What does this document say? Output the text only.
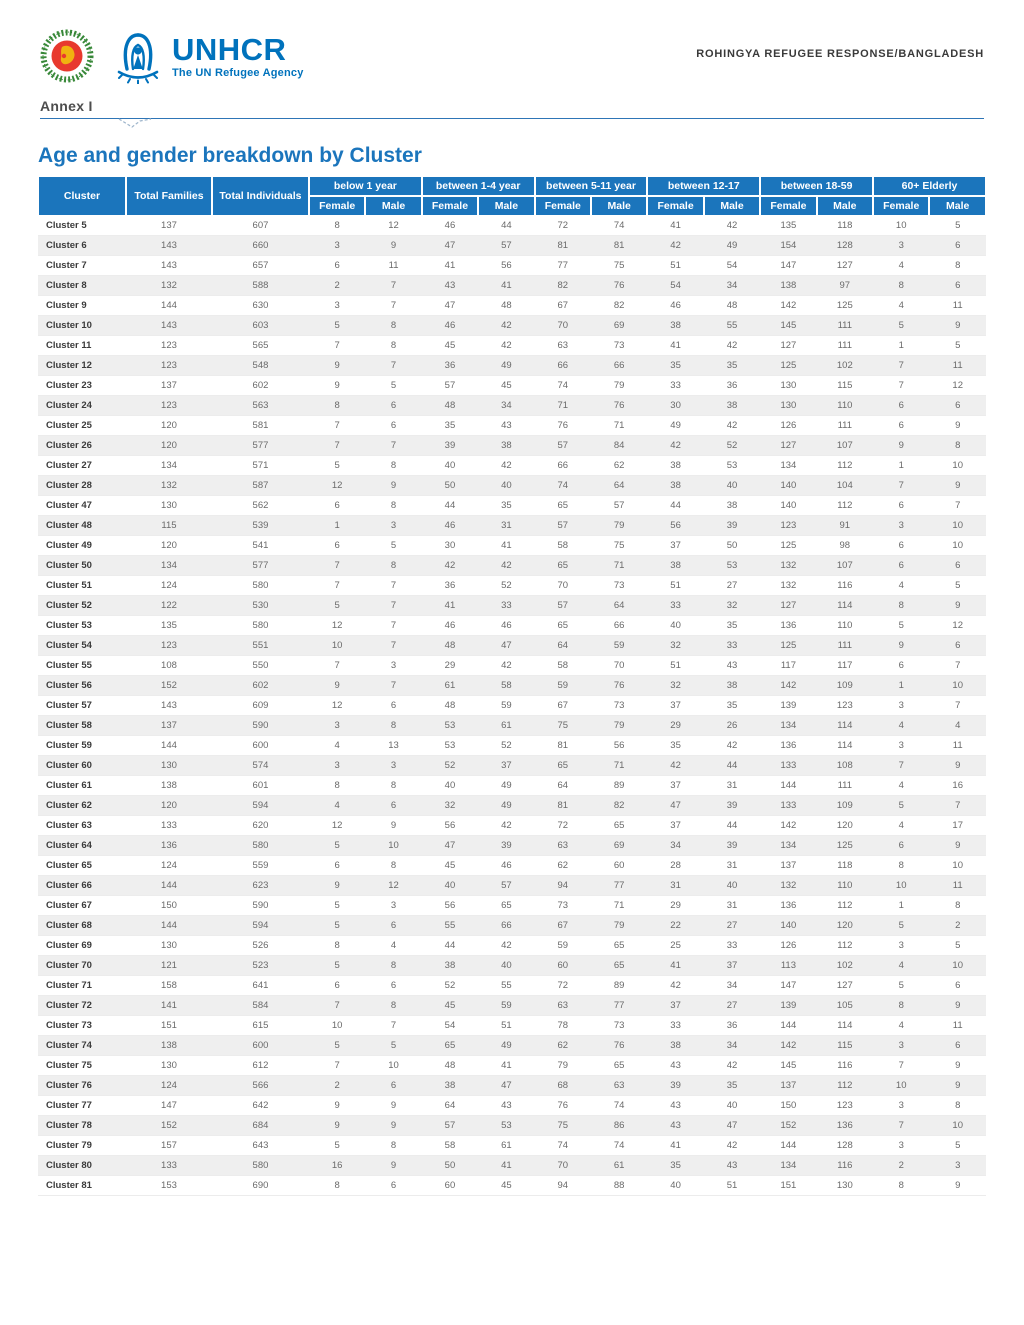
UNHCR
The UN Refugee Agency
ROHINGYA REFUGEE RESPONSE/BANGLADESH
Annex I
Age and gender breakdown by Cluster
Cluster	Total Families	Total Individuals	below 1 year		between 1-4 year		between 5-11 year		between 12-17		between 18-59		60+ Elderly	
			Female	Male	Female	Male	Female	Male	Female	Male	Female	Male	Female	Male
Cluster 5	137	607	8	12	46	44	72	74	41	42	135	118	10	5
Cluster 6	143	660	3	9	47	57	81	81	42	49	154	128	3	6
Cluster 7	143	657	6	11	41	56	77	75	51	54	147	127	4	8
Cluster 8	132	588	2	7	43	41	82	76	54	34	138	97	8	6
Cluster 9	144	630	3	7	47	48	67	82	46	48	142	125	4	11
Cluster 10	143	603	5	8	46	42	70	69	38	55	145	111	5	9
Cluster 11	123	565	7	8	45	42	63	73	41	42	127	111	1	5
Cluster 12	123	548	9	7	36	49	66	66	35	35	125	102	7	11
Cluster 23	137	602	9	5	57	45	74	79	33	36	130	115	7	12
Cluster 24	123	563	8	6	48	34	71	76	30	38	130	110	6	6
Cluster 25	120	581	7	6	35	43	76	71	49	42	126	111	6	9
Cluster 26	120	577	7	7	39	38	57	84	42	52	127	107	9	8
Cluster 27	134	571	5	8	40	42	66	62	38	53	134	112	1	10
Cluster 28	132	587	12	9	50	40	74	64	38	40	140	104	7	9
Cluster 47	130	562	6	8	44	35	65	57	44	38	140	112	6	7
Cluster 48	115	539	1	3	46	31	57	79	56	39	123	91	3	10
Cluster 49	120	541	6	5	30	41	58	75	37	50	125	98	6	10
Cluster 50	134	577	7	8	42	42	65	71	38	53	132	107	6	6
Cluster 51	124	580	7	7	36	52	70	73	51	27	132	116	4	5
Cluster 52	122	530	5	7	41	33	57	64	33	32	127	114	8	9
Cluster 53	135	580	12	7	46	46	65	66	40	35	136	110	5	12
Cluster 54	123	551	10	7	48	47	64	59	32	33	125	111	9	6
Cluster 55	108	550	7	3	29	42	58	70	51	43	117	117	6	7
Cluster 56	152	602	9	7	61	58	59	76	32	38	142	109	1	10
Cluster 57	143	609	12	6	48	59	67	73	37	35	139	123	3	7
Cluster 58	137	590	3	8	53	61	75	79	29	26	134	114	4	4
Cluster 59	144	600	4	13	53	52	81	56	35	42	136	114	3	11
Cluster 60	130	574	3	3	52	37	65	71	42	44	133	108	7	9
Cluster 61	138	601	8	8	40	49	64	89	37	31	144	111	4	16
Cluster 62	120	594	4	6	32	49	81	82	47	39	133	109	5	7
Cluster 63	133	620	12	9	56	42	72	65	37	44	142	120	4	17
Cluster 64	136	580	5	10	47	39	63	69	34	39	134	125	6	9
Cluster 65	124	559	6	8	45	46	62	60	28	31	137	118	8	10
Cluster 66	144	623	9	12	40	57	94	77	31	40	132	110	10	11
Cluster 67	150	590	5	3	56	65	73	71	29	31	136	112	1	8
Cluster 68	144	594	5	6	55	66	67	79	22	27	140	120	5	2
Cluster 69	130	526	8	4	44	42	59	65	25	33	126	112	3	5
Cluster 70	121	523	5	8	38	40	60	65	41	37	113	102	4	10
Cluster 71	158	641	6	6	52	55	72	89	42	34	147	127	5	6
Cluster 72	141	584	7	8	45	59	63	77	37	27	139	105	8	9
Cluster 73	151	615	10	7	54	51	78	73	33	36	144	114	4	11
Cluster 74	138	600	5	5	65	49	62	76	38	34	142	115	3	6
Cluster 75	130	612	7	10	48	41	79	65	43	42	145	116	7	9
Cluster 76	124	566	2	6	38	47	68	63	39	35	137	112	10	9
Cluster 77	147	642	9	9	64	43	76	74	43	40	150	123	3	8
Cluster 78	152	684	9	9	57	53	75	86	43	47	152	136	7	10
Cluster 79	157	643	5	8	58	61	74	74	41	42	144	128	3	5
Cluster 80	133	580	16	9	50	41	70	61	35	43	134	116	2	3
Cluster 81	153	690	8	6	60	45	94	88	40	51	151	130	8	9
